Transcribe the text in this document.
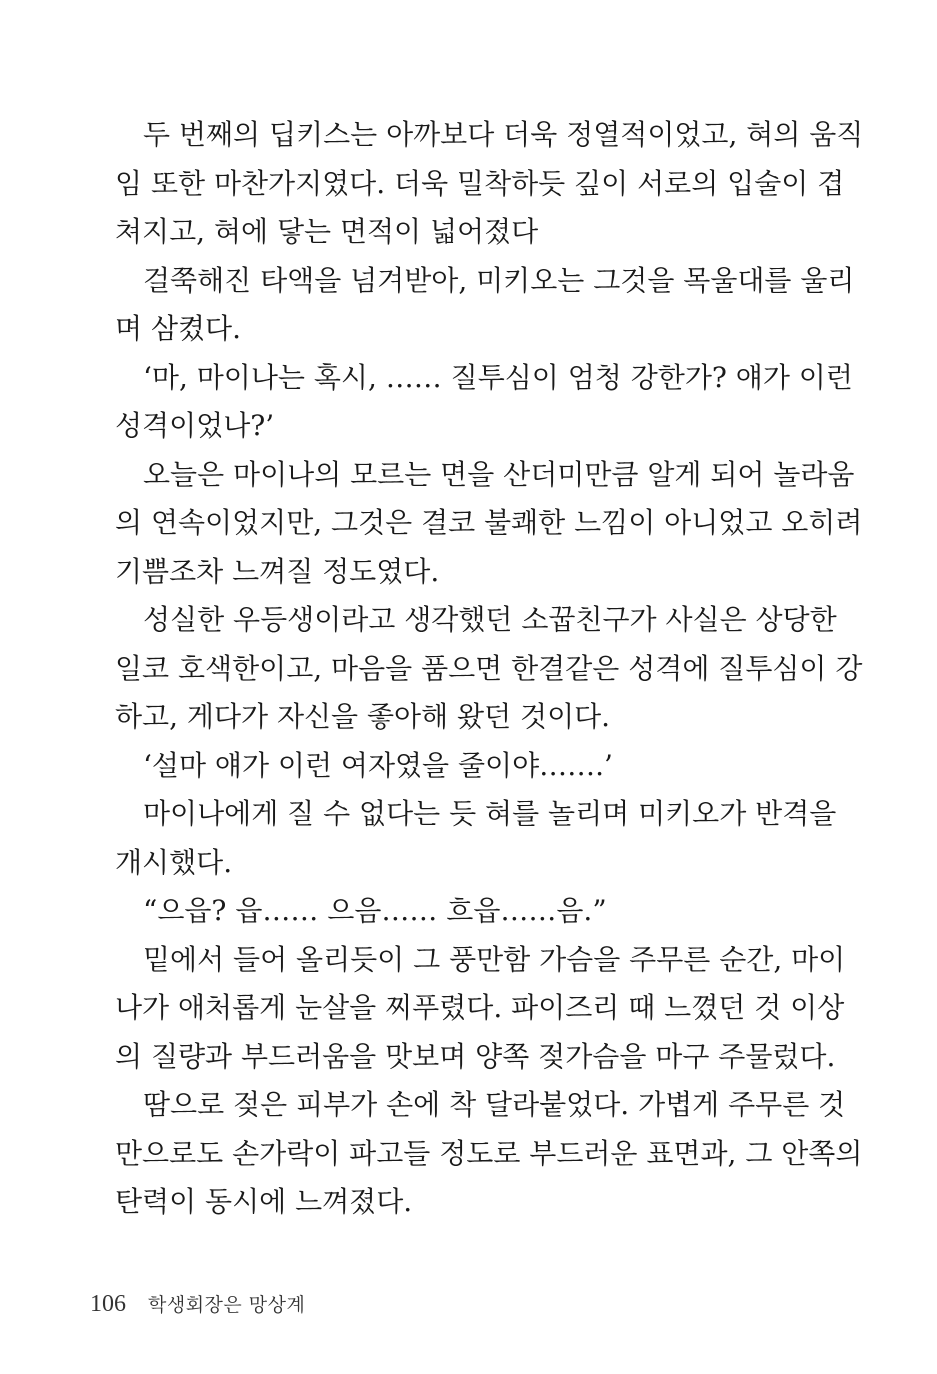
두 번째의 딥키스는 아까보다 더욱 정열적이었고, 혀의 움직
임 또한 마찬가지였다. 더욱 밀착하듯 깊이 서로의 입술이 겹
쳐지고, 혀에 닿는 면적이 넓어졌다
걸쭉해진 타액을 넘겨받아, 미키오는 그것을 목울대를 울리
며 삼켰다.
‘마, 마이나는 혹시, …… 질투심이 엄청 강한가? 얘가 이런
성격이었나?’
오늘은 마이나의 모르는 면을 산더미만큼 알게 되어 놀라움
의 연속이었지만, 그것은 결코 불쾌한 느낌이 아니었고 오히려
기쁨조차 느껴질 정도였다.
성실한 우등생이라고 생각했던 소꿉친구가 사실은 상당한
일코 호색한이고, 마음을 품으면 한결같은 성격에 질투심이 강
하고, 게다가 자신을 좋아해 왔던 것이다.
‘설마 얘가 이런 여자였을 줄이야…….’
마이나에게 질 수 없다는 듯 혀를 놀리며 미키오가 반격을
개시했다.
“으읍? 읍…… 으음…… 흐읍……음.”
밑에서 들어 올리듯이 그 풍만함 가슴을 주무른 순간, 마이
나가 애처롭게 눈살을 찌푸렸다. 파이즈리 때 느꼈던 것 이상
의 질량과 부드러움을 맛보며 양쪽 젖가슴을 마구 주물렀다.
땀으로 젖은 피부가 손에 착 달라붙었다. 가볍게 주무른 것
만으로도 손가락이 파고들 정도로 부드러운 표면과, 그 안쪽의
탄력이 동시에 느껴졌다.
106 학생회장은 망상계
